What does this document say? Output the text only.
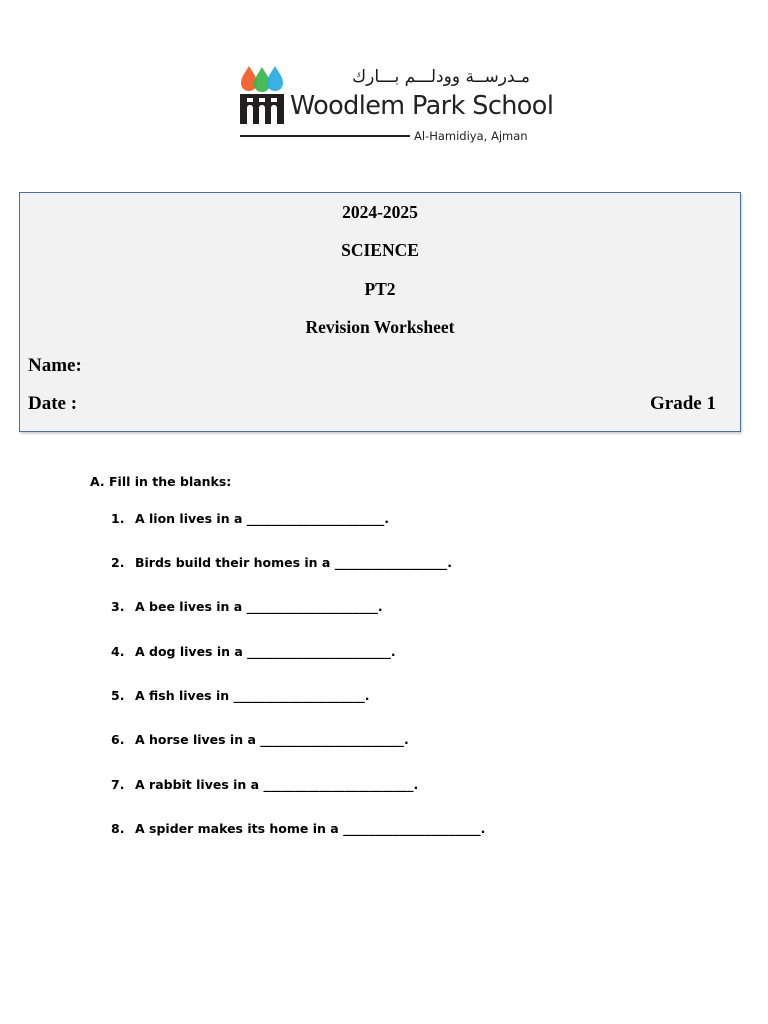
مـدرســة وودلـــم بـــارك
Woodlem Park School
Al-Hamidiya, Ajman
2024-2025
SCIENCE
PT2
Revision Worksheet
Name:
Date :	Grade 1
A. Fill in the blanks:
1. A lion lives in a ______________________.
2. Birds build their homes in a __________________.
3. A bee lives in a _____________________.
4. A dog lives in a _______________________.
5. A fish lives in _____________________.
6. A horse lives in a _______________________.
7. A rabbit lives in a ________________________.
8. A spider makes its home in a ______________________.
